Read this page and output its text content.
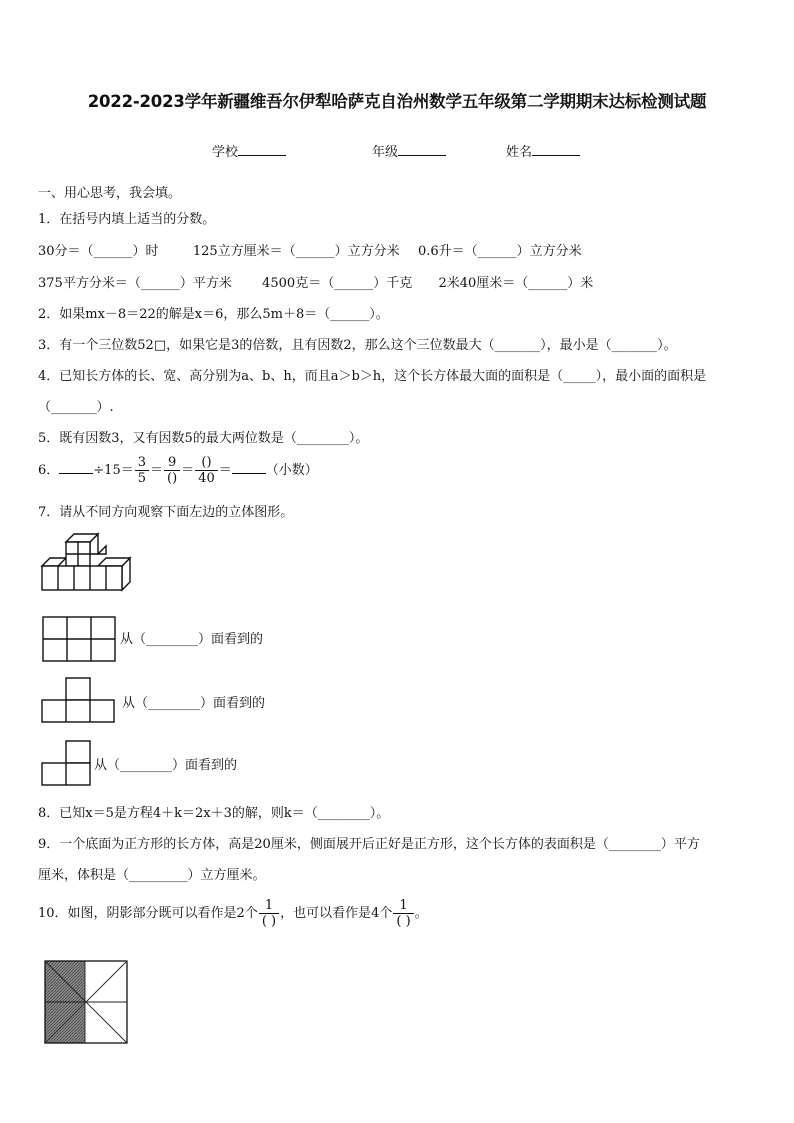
2022-2023学年新疆维吾尔伊犁哈萨克自治州数学五年级第二学期期末达标检测试题
学校	年级	姓名
一、用心思考，我会填。
1．在括号内填上适当的分数。
30分＝（______）时	125立方厘米＝（______）立方分米 0.6升＝（______）立方分米
375平方分米＝（______）平方米 4500克＝（______）千克 2米40厘米＝（______）米
2．如果mx－8＝22的解是x＝6，那么5m＋8＝（______）。
3．有一个三位数52□，如果它是3的倍数，且有因数2，那么这个三位数最大（_______），最小是（_______）。
4．已知长方体的长、宽、高分别为a、b、h，而且a＞b＞h，这个长方体最大面的面积是（_____），最小面的面积是
（_______）.
5．既有因数3，又有因数5的最大两位数是（________）。
6．	$\div 15= \frac{3}{5} = \frac{9}{()} = \frac{()}{40}$ ＝	（小数）
7．请从不同方向观察下面左边的立体图形。
从（________）面看到的
从（________）面看到的
从（________）面看到的
8．已知x＝5是方程4＋k＝2x＋3的解，则k＝（________）。
9．一个底面为正方形的长方体，高是20厘米，侧面展开后正好是正方形，这个长方体的表面积是（________）平方
厘米，体积是（_________）立方厘米。
10．如图，阴影部分既可以看作是2个 $\frac{1}{( )}$ ，也可以看作是4个 $\frac{1}{( )}$ 。
